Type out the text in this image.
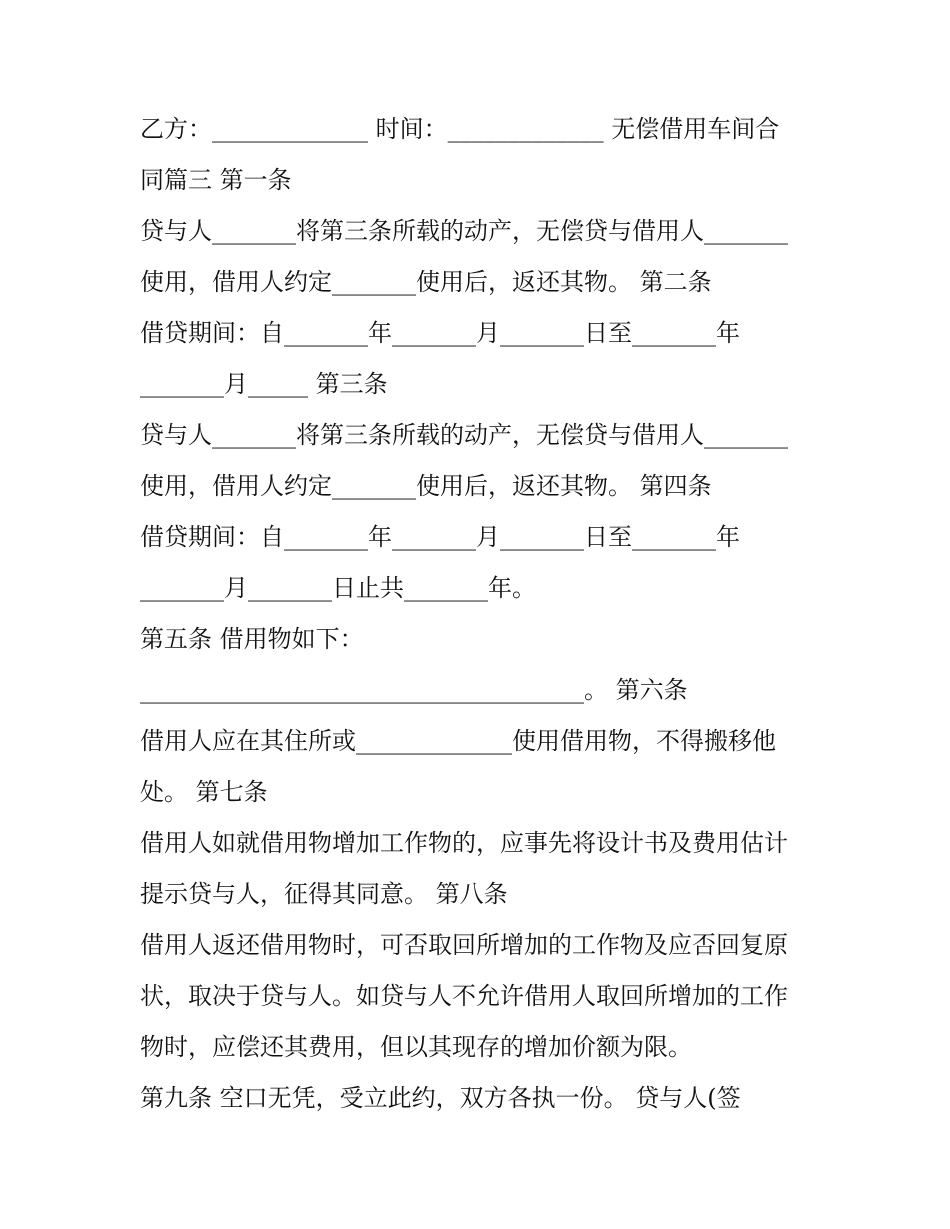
乙方：_____________ 时间：_____________ 无偿借用车间合
同篇三 第一条
贷与人_______将第三条所载的动产，无偿贷与借用人_______
使用，借用人约定_______使用后，返还其物。 第二条
借贷期间：自_______年_______月_______日至_______年
_______月_____ 第三条
贷与人_______将第三条所载的动产，无偿贷与借用人_______
使用，借用人约定_______使用后，返还其物。 第四条
借贷期间：自_______年_______月_______日至_______年
_______月_______日止共_______年。
第五条 借用物如下：
_____________________________________。 第六条
借用人应在其住所或_____________使用借用物，不得搬移他
处。 第七条
借用人如就借用物增加工作物的，应事先将设计书及费用估计
提示贷与人，征得其同意。 第八条
借用人返还借用物时，可否取回所增加的工作物及应否回复原
状，取决于贷与人。如贷与人不允许借用人取回所增加的工作
物时，应偿还其费用，但以其现存的增加价额为限。
第九条 空口无凭，受立此约，双方各执一份。 贷与人(签
